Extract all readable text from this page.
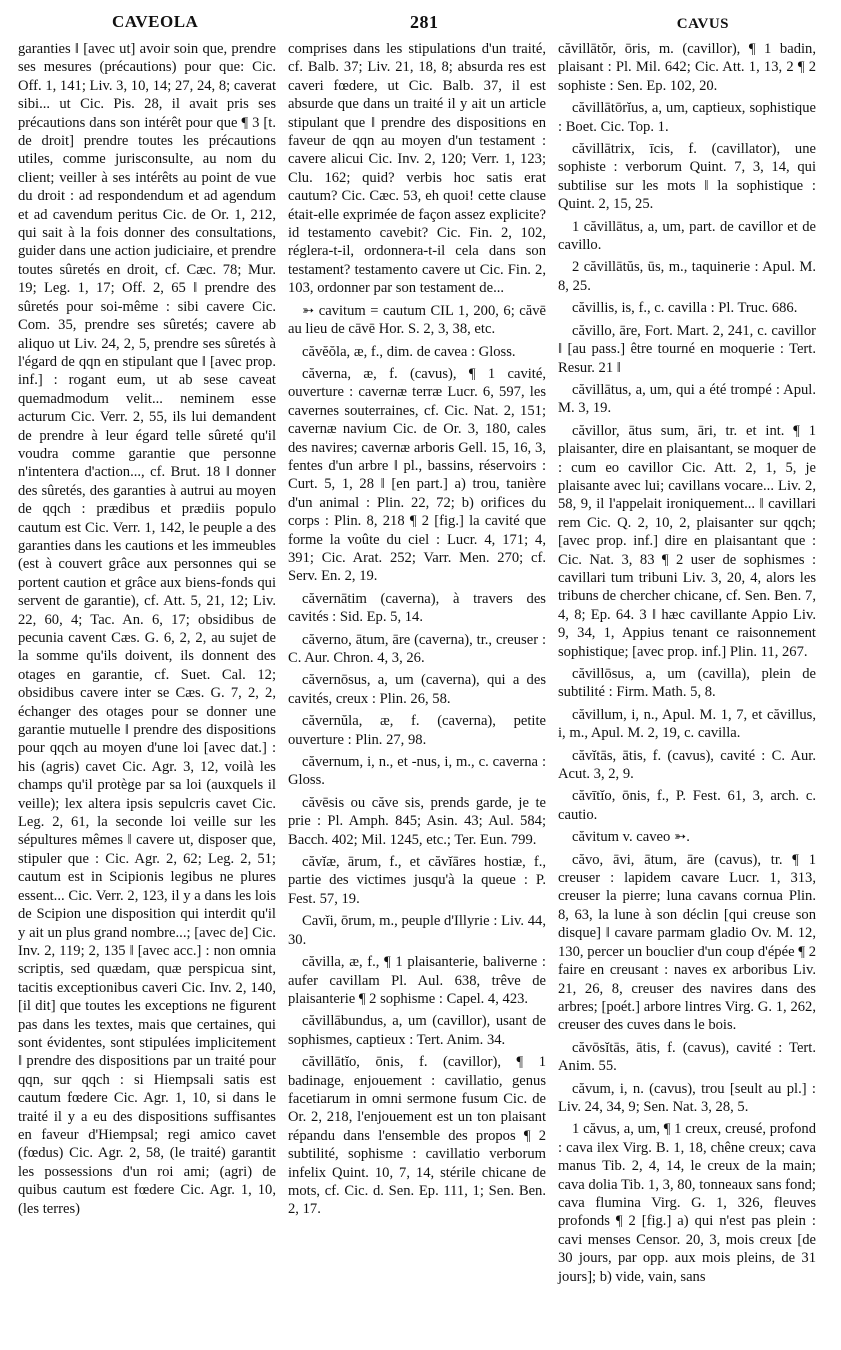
CAVEOLA	281	CAVUS

garanties ‖ [avec ut] avoir soin que, prendre ses mesures (précautions) pour que: Cic. Off. 1, 141; Liv. 3, 10, 14; 27, 24, 8; caverat sibi... ut Cic. Pis. 28, il avait pris ses précautions dans son intérêt pour que ¶ 3 [t. de droit] prendre toutes les précautions utiles, comme jurisconsulte, au nom du client; veiller à ses intérêts au point de vue du droit : ad respondendum et ad agendum et ad cavendum peritus Cic. de Or. 1, 212, qui sait à la fois donner des consultations, guider dans une action judiciaire, et prendre toutes sûretés en droit, cf. Cæc. 78; Mur. 19; Leg. 1, 17; Off. 2, 65 ‖ prendre des sûretés pour soi-même : sibi cavere Cic. Com. 35, prendre ses sûretés; cavere ab aliquo ut Liv. 24, 2, 5, prendre ses sûretés à l'égard de qqn en stipulant que ‖ [avec prop. inf.] : rogant eum, ut ab sese caveat quemadmodum velit... neminem esse acturum Cic. Verr. 2, 55, ils lui demandent de prendre à leur égard telle sûreté qu'il voudra comme garantie que personne n'intentera d'action..., cf. Brut. 18 ‖ donner des sûretés, des garanties à autrui au moyen de qqch : prædibus et prædiis populo cautum est Cic. Verr. 1, 142, le peuple a des garanties dans les cautions et les immeubles (est à couvert grâce aux personnes qui se portent caution et grâce aux biens-fonds qui servent de garantie), cf. Att. 5, 21, 12; Liv. 22, 60, 4; Tac. An. 6, 17; obsidibus de pecunia cavent Cæs. G. 6, 2, 2, au sujet de la somme qu'ils doivent, ils donnent des otages en garantie, cf. Suet. Cal. 12; obsidibus cavere inter se Cæs. G. 7, 2, 2, échanger des otages pour se donner une garantie mutuelle ‖ prendre des dispositions pour qqch au moyen d'une loi [avec dat.] : his (agris) cavet Cic. Agr. 3, 12, voilà les champs qu'il protège par sa loi (auxquels il veille); lex altera ipsis sepulcris cavet Cic. Leg. 2, 61, la seconde loi veille sur les sépultures mêmes ‖ cavere ut, disposer que, stipuler que : Cic. Agr. 2, 62; Leg. 2, 51; cautum est in Scipionis legibus ne plures essent... Cic. Verr. 2, 123, il y a dans les lois de Scipion une disposition qui interdit qu'il y ait un plus grand nombre...; [avec de] Cic. Inv. 2, 119; 2, 135 ‖ [avec acc.] : non omnia scriptis, sed quædam, quæ perspicua sint, tacitis exceptionibus caveri Cic. Inv. 2, 140, [il dit] que toutes les exceptions ne figurent pas dans les textes, mais que certaines, qui sont évidentes, sont stipulées implicitement ‖ prendre des dispositions par un traité pour qqn, sur qqch : si Hiempsali satis est cautum fœdere Cic. Agr. 1, 10, si dans le traité il y a eu des dispositions suffisantes en faveur d'Hiempsal; regi amico cavet (fœdus) Cic. Agr. 2, 58, (le traité) garantit les possessions d'un roi ami; (agri) de quibus cautum est fœdere Cic. Agr. 1, 10, (les terres)

comprises dans les stipulations d'un traité, cf. Balb. 37; Liv. 21, 18, 8; absurda res est caveri fœdere, ut Cic. Balb. 37, il est absurde que dans un traité il y ait un article stipulant que ‖ prendre des dispositions en faveur de qqn au moyen d'un testament : cavere alicui Cic. Inv. 2, 120; Verr. 1, 123; Clu. 162; quid? verbis hoc satis erat cautum? Cic. Cæc. 53, eh quoi! cette clause était-elle exprimée de façon assez explicite? id testamento cavebit? Cic. Fin. 2, 102, réglera-t-il, ordonnera-t-il cela dans son testament? testamento cavere ut Cic. Fin. 2, 103, ordonner par son testament de...

➳ cavitum = cautum CIL 1, 200, 6; căvē au lieu de cāvē Hor. S. 2, 3, 38, etc.

căvĕŏla, æ, f., dim. de cavea : Gloss.

căverna, æ, f. (cavus), ¶ 1 cavité, ouverture : cavernæ terræ Lucr. 6, 597, les cavernes souterraines, cf. Cic. Nat. 2, 151; cavernæ navium Cic. de Or. 3, 180, cales des navires; cavernæ arboris Gell. 15, 16, 3, fentes d'un arbre ‖ pl., bassins, réservoirs : Curt. 5, 1, 28 ‖ [en part.] a) trou, tanière d'un animal : Plin. 22, 72; b) orifices du corps : Plin. 8, 218 ¶ 2 [fig.] la cavité que forme la voûte du ciel : Lucr. 4, 171; 4, 391; Cic. Arat. 252; Varr. Men. 270; cf. Serv. En. 2, 19.

căvernātim (caverna), à travers des cavités : Sid. Ep. 5, 14.

căverno, ātum, āre (caverna), tr., creuser : C. Aur. Chron. 4, 3, 26.

căvernōsus, a, um (caverna), qui a des cavités, creux : Plin. 26, 58.

căvernŭla, æ, f. (caverna), petite ouverture : Plin. 27, 98.

căvernum, i, n., et -nus, i, m., c. caverna : Gloss.

căvēsis ou căve sis, prends garde, je te prie : Pl. Amph. 845; Asin. 43; Aul. 584; Bacch. 402; Mil. 1245, etc.; Ter. Eun. 799.

căvĭæ, ārum, f., et căvĭāres hostiæ, f., partie des victimes jusqu'à la queue : P. Fest. 57, 19.

Cavĭi, ōrum, m., peuple d'Illyrie : Liv. 44, 30.

căvilla, æ, f., ¶ 1 plaisanterie, baliverne : aufer cavillam Pl. Aul. 638, trêve de plaisanterie ¶ 2 sophisme : Capel. 4, 423.

căvillābundus, a, um (cavillor), usant de sophismes, captieux : Tert. Anim. 34.

căvillātĭo, ōnis, f. (cavillor), ¶ 1 badinage, enjouement : cavillatio, genus facetiarum in omni sermone fusum Cic. de Or. 2, 218, l'enjouement est un ton plaisant répandu dans l'ensemble des propos ¶ 2 subtilité, sophisme : cavillatio verborum infelix Quint. 10, 7, 14, stérile chicane de mots, cf. Cic. d. Sen. Ep. 111, 1; Sen. Ben. 2, 17.

căvillātŏr, ōris, m. (cavillor), ¶ 1 badin, plaisant : Pl. Mil. 642; Cic. Att. 1, 13, 2 ¶ 2 sophiste : Sen. Ep. 102, 20.

căvillātōrĭus, a, um, captieux, sophistique : Boet. Cic. Top. 1.

căvillātrix, īcis, f. (cavillator), une sophiste : verborum Quint. 7, 3, 14, qui subtilise sur les mots ‖ la sophistique : Quint. 2, 15, 25.

1 căvillātus, a, um, part. de cavillor et de cavillo.

2 căvillātŭs, ūs, m., taquinerie : Apul. M. 8, 25.

căvillis, is, f., c. cavilla : Pl. Truc. 686.

căvillo, āre, Fort. Mart. 2, 241, c. cavillor ‖ [au pass.] être tourné en moquerie : Tert. Resur. 21 ‖

căvillātus, a, um, qui a été trompé : Apul. M. 3, 19.

căvillor, ātus sum, āri, tr. et int. ¶ 1 plaisanter, dire en plaisantant, se moquer de : cum eo cavillor Cic. Att. 2, 1, 5, je plaisante avec lui; cavillans vocare... Liv. 2, 58, 9, il l'appelait ironiquement... ‖ cavillari rem Cic. Q. 2, 10, 2, plaisanter sur qqch; [avec prop. inf.] dire en plaisantant que : Cic. Nat. 3, 83 ¶ 2 user de sophismes : cavillari tum tribuni Liv. 3, 20, 4, alors les tribuns de chercher chicane, cf. Sen. Ben. 7, 4, 8; Ep. 64. 3 ‖ hæc cavillante Appio Liv. 9, 34, 1, Appius tenant ce raisonnement sophistique; [avec prop. inf.] Plin. 11, 267.

căvillōsus, a, um (cavilla), plein de subtilité : Firm. Math. 5, 8.

căvillum, i, n., Apul. M. 1, 7, et căvillus, i, m., Apul. M. 2, 19, c. cavilla.

căvĭtās, ātis, f. (cavus), cavité : C. Aur. Acut. 3, 2, 9.

căvītĭo, ōnis, f., P. Fest. 61, 3, arch. c. cautio.

căvitum v. caveo ➳.

căvo, āvi, ātum, āre (cavus), tr. ¶ 1 creuser : lapidem cavare Lucr. 1, 313, creuser la pierre; luna cavans cornua Plin. 8, 63, la lune à son déclin [qui creuse son disque] ‖ cavare parmam gladio Ov. M. 12, 130, percer un bouclier d'un coup d'épée ¶ 2 faire en creusant : naves ex arboribus Liv. 21, 26, 8, creuser des navires dans des arbres; [poét.] arbore lintres Virg. G. 1, 262, creuser des cuves dans le bois.

căvōsĭtās, ātis, f. (cavus), cavité : Tert. Anim. 55.

căvum, i, n. (cavus), trou [seult au pl.] : Liv. 24, 34, 9; Sen. Nat. 3, 28, 5.

1 căvus, a, um, ¶ 1 creux, creusé, profond : cava ilex Virg. B. 1, 18, chêne creux; cava manus Tib. 2, 4, 14, le creux de la main; cava dolia Tib. 1, 3, 80, tonneaux sans fond; cava flumina Virg. G. 1, 326, fleuves profonds ¶ 2 [fig.] a) qui n'est pas plein : cavi menses Censor. 20, 3, mois creux [de 30 jours, par opp. aux mois pleins, de 31 jours]; b) vide, vain, sans
